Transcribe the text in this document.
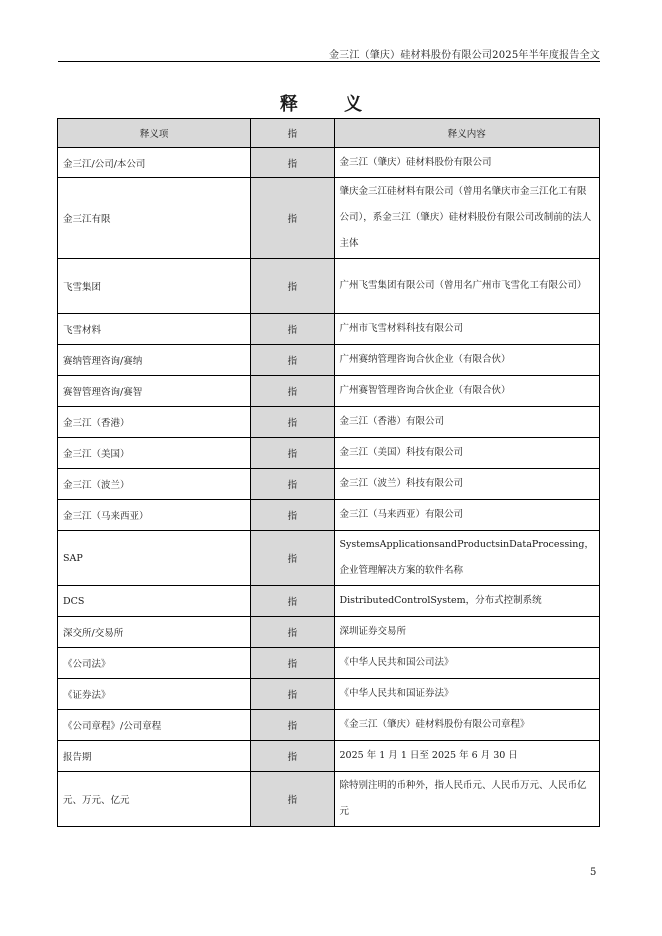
金三江（肇庆）硅材料股份有限公司2025年半年度报告全文
释 义
释义项	指	释义内容
金三江/公司/本公司	指	金三江（肇庆）硅材料股份有限公司
金三江有限	指	肇庆金三江硅材料有限公司（曾用名肇庆市金三江化工有限公司），系金三江（肇庆）硅材料股份有限公司改制前的法人主体
飞雪集团	指	广州飞雪集团有限公司（曾用名广州市飞雪化工有限公司）
飞雪材料	指	广州市飞雪材料科技有限公司
赛纳管理咨询/赛纳	指	广州赛纳管理咨询合伙企业（有限合伙）
赛智管理咨询/赛智	指	广州赛智管理咨询合伙企业（有限合伙）
金三江（香港）	指	金三江（香港）有限公司
金三江（美国）	指	金三江（美国）科技有限公司
金三江（波兰）	指	金三江（波兰）科技有限公司
金三江（马来西亚）	指	金三江（马来西亚）有限公司
SAP	指	SystemsApplicationsandProductsinDataProcessing，企业管理解决方案的软件名称
DCS	指	DistributedControlSystem，分布式控制系统
深交所/交易所	指	深圳证券交易所
《公司法》	指	《中华人民共和国公司法》
《证券法》	指	《中华人民共和国证券法》
《公司章程》/公司章程	指	《金三江（肇庆）硅材料股份有限公司章程》
报告期	指	2025 年 1 月 1 日至 2025 年 6 月 30 日
元、万元、亿元	指	除特别注明的币种外，指人民币元、人民币万元、人民币亿元
5
